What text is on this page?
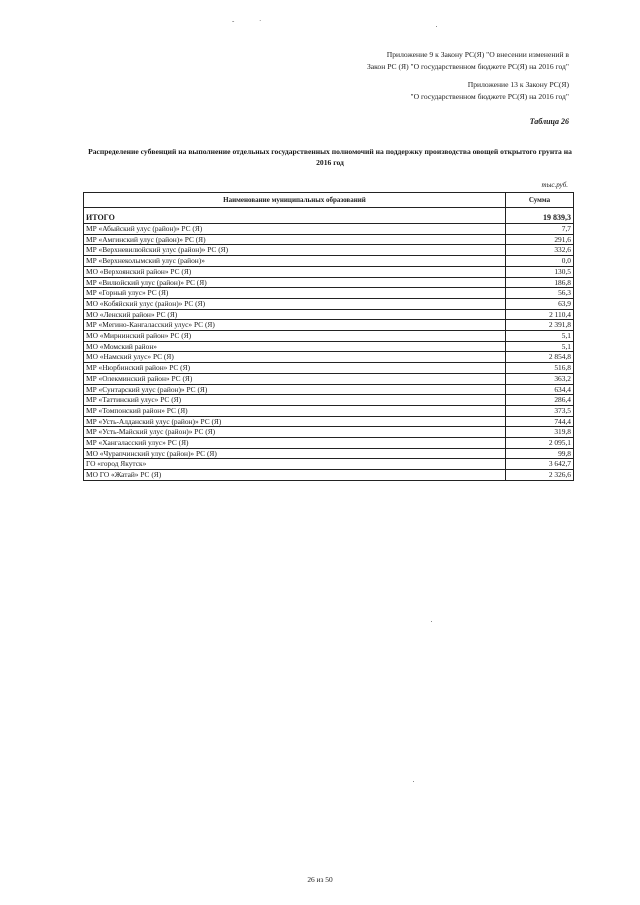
-	·
Приложение 9 к Закону РС(Я) "О внесении изменений в
Закон РС (Я) "О государственном бюджете РС(Я) на 2016 год"
Приложение 13 к Закону РС(Я)
"О государственном бюджете РС(Я) на 2016 год"
Таблица 26
Распределение субвенций на выполнение отдельных государственных полномочий на поддержку производства овощей открытого грунта на 2016 год
тыс.руб.
Наименование муниципальных образований	Сумма
ИТОГО	19 839,3
МР «Абыйский улус (район)» РС (Я)	7,7
МР «Амгинский улус (район)» РС (Я)	291,6
МР «Верхневилюйский улус (район)» РС (Я)	332,6
МР «Верхнеколымский улус (район)»	0,0
МО «Верхоянский район» РС (Я)	130,5
МР «Вилюйский улус (район)» РС (Я)	186,8
МР «Горный улус» РС (Я)	56,3
МО «Кобяйский улус (район)» РС (Я)	63,9
МО «Ленский район» РС (Я)	2 110,4
МР «Мегино-Кангаласский улус» РС (Я)	2 391,8
МО «Мирнинский район» РС (Я)	5,1
МО «Момский район»	5,1
МО «Намский улус» РС (Я)	2 854,8
МР «Нюрбинский район» РС (Я)	516,8
МР «Олекминский район» РС (Я)	363,2
МР «Сунтарский улус (район)» РС (Я)	634,4
МР «Таттинский улус» РС (Я)	286,4
МР «Томпонский район» РС (Я)	373,5
МР «Усть-Алданский улус (район)» РС (Я)	744,4
МР «Усть-Майский улус (район)» РС (Я)	319,8
МР «Хангаласский улус» РС (Я)	2 095,1
МО «Чурапчинский улус (район)» РС (Я)	99,8
ГО «город Якутск»	3 642,7
МО ГО «Жатай» РС (Я)	2 326,6
26 из 50
